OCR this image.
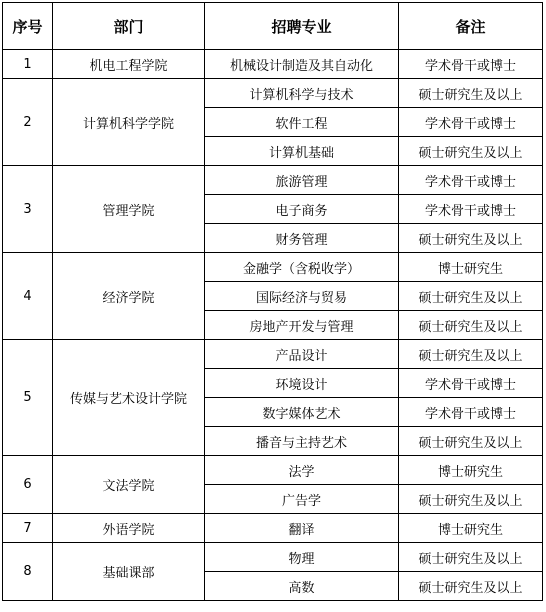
序号	部门	招聘专业	备注
1	机电工程学院	机械设计制造及其自动化	学术骨干或博士
2	计算机科学学院	计算机科学与技术	硕士研究生及以上
		软件工程	学术骨干或博士
		计算机基础	硕士研究生及以上
3	管理学院	旅游管理	学术骨干或博士
		电子商务	学术骨干或博士
		财务管理	硕士研究生及以上
4	经济学院	金融学（含税收学）	博士研究生
		国际经济与贸易	硕士研究生及以上
		房地产开发与管理	硕士研究生及以上
5	传媒与艺术设计学院	产品设计	硕士研究生及以上
		环境设计	学术骨干或博士
		数字媒体艺术	学术骨干或博士
		播音与主持艺术	硕士研究生及以上
6	文法学院	法学	博士研究生
		广告学	硕士研究生及以上
7	外语学院	翻译	博士研究生
8	基础课部	物理	硕士研究生及以上
		高数	硕士研究生及以上
